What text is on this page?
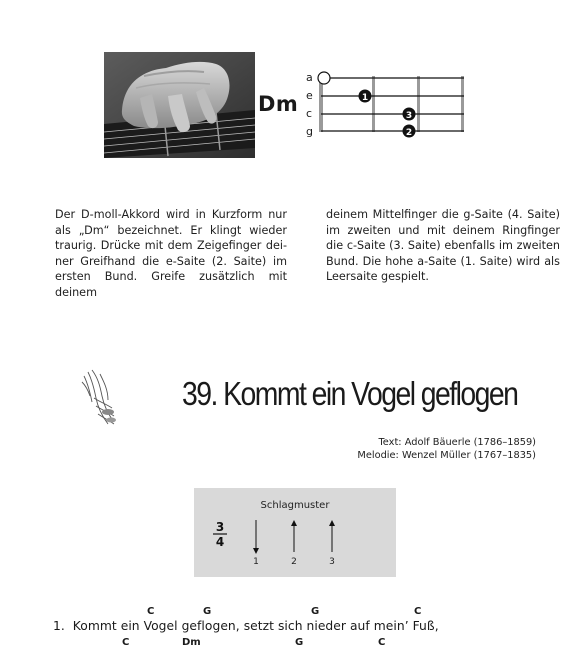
Dm
a
e
c
g
1
3
2
Der D-moll-Akkord wird in Kurzform nur als „Dm“ bezeichnet. Er klingt wieder traurig. Drücke mit dem Zeigefinger deiner Greifhand die e-Saite (2. Saite) im ersten Bund. Greife zusätzlich mit deinem
deinem Mittelfinger die g-Saite (4. Saite) im zweiten und mit deinem Ringfinger die c-Saite (3. Saite) ebenfalls im zweiten Bund. Die hohe a-Saite (1. Saite) wird als Leersaite gespielt.
39. Kommt ein Vogel geflogen
Text: Adolf Bäuerle (1786–1859)
Melodie: Wenzel Müller (1767–1835)
Schlagmuster
3
4
1	2	3
C	G	G	C
1.  Kommt ein Vogel geflogen, setzt sich nieder auf mein’ Fuß,
C	Dm	G	C
